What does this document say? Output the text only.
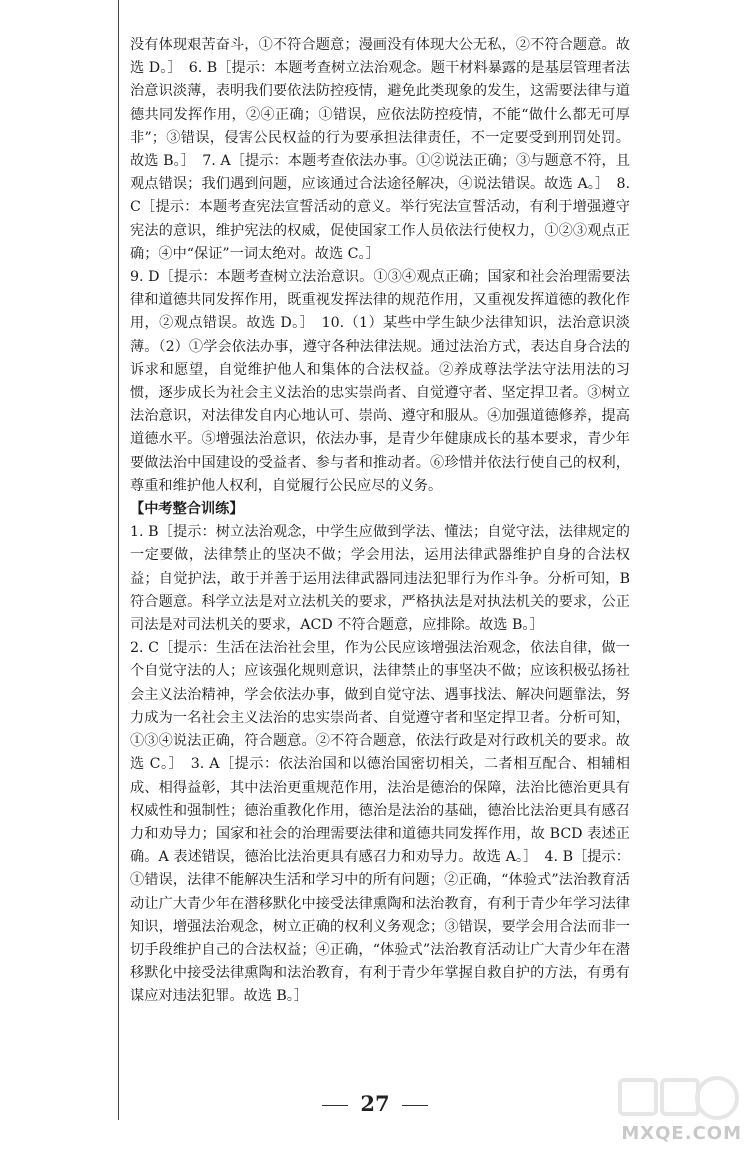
没有体现艰苦奋斗，①不符合题意；漫画没有体现大公无私，②不符合题意。故选 D。］　6. B［提示：本题考查树立法治观念。题干材料暴露的是基层管理者法治意识淡薄，表明我们要依法防控疫情，避免此类现象的发生，这需要法律与道德共同发挥作用，②④正确；①错误，应依法防控疫情，不能“做什么都无可厚非”；③错误，侵害公民权益的行为要承担法律责任，不一定要受到刑罚处罚。故选 B。］　7. A［提示：本题考查依法办事。①②说法正确；③与题意不符，且观点错误；我们遇到问题，应该通过合法途径解决，④说法错误。故选 A。］　8. C［提示：本题考查宪法宣誓活动的意义。举行宪法宣誓活动，有利于增强遵守宪法的意识，维护宪法的权威，促使国家工作人员依法行使权力，①②③观点正确；④中“保证”一词太绝对。故选 C。］

9. D［提示：本题考查树立法治意识。①③④观点正确；国家和社会治理需要法律和道德共同发挥作用，既重视发挥法律的规范作用，又重视发挥道德的教化作用，②观点错误。故选 D。］　10.（1）某些中学生缺少法律知识，法治意识淡薄。（2）①学会依法办事，遵守各种法律法规。通过法治方式，表达自身合法的诉求和愿望，自觉维护他人和集体的合法权益。②养成尊法学法守法用法的习惯，逐步成长为社会主义法治的忠实崇尚者、自觉遵守者、坚定捍卫者。③树立法治意识，对法律发自内心地认可、崇尚、遵守和服从。④加强道德修养，提高道德水平。⑤增强法治意识，依法办事，是青少年健康成长的基本要求，青少年要做法治中国建设的受益者、参与者和推动者。⑥珍惜并依法行使自己的权利，尊重和维护他人权利，自觉履行公民应尽的义务。

【中考整合训练】

1. B［提示：树立法治观念，中学生应做到学法、懂法；自觉守法，法律规定的一定要做，法律禁止的坚决不做；学会用法，运用法律武器维护自身的合法权益；自觉护法，敢于并善于运用法律武器同违法犯罪行为作斗争。分析可知，B 符合题意。科学立法是对立法机关的要求，严格执法是对执法机关的要求，公正司法是对司法机关的要求，ACD 不符合题意，应排除。故选 B。］

2. C［提示：生活在法治社会里，作为公民应该增强法治观念，依法自律，做一个自觉守法的人；应该强化规则意识，法律禁止的事坚决不做；应该积极弘扬社会主义法治精神，学会依法办事，做到自觉守法、遇事找法、解决问题靠法，努力成为一名社会主义法治的忠实崇尚者、自觉遵守者和坚定捍卫者。分析可知，①③④说法正确，符合题意。②不符合题意，依法行政是对行政机关的要求。故选 C。］　3. A［提示：依法治国和以德治国密切相关，二者相互配合、相辅相成、相得益彰，其中法治更重规范作用，法治是德治的保障，法治比德治更具有权威性和强制性；德治重教化作用，德治是法治的基础，德治比法治更具有感召力和劝导力；国家和社会的治理需要法律和道德共同发挥作用，故 BCD 表述正确。A 表述错误，德治比法治更具有感召力和劝导力。故选 A。］　4. B［提示：①错误，法律不能解决生活和学习中的所有问题；②正确，“体验式”法治教育活动让广大青少年在潜移默化中接受法律熏陶和法治教育，有利于青少年学习法律知识，增强法治观念，树立正确的权利义务观念；③错误，要学会用合法而非一切手段维护自己的合法权益；④正确，“体验式”法治教育活动让广大青少年在潜移默化中接受法律熏陶和法治教育，有利于青少年掌握自救自护的方法，有勇有谋应对违法犯罪。故选 B。］

27
MXQE.COM
